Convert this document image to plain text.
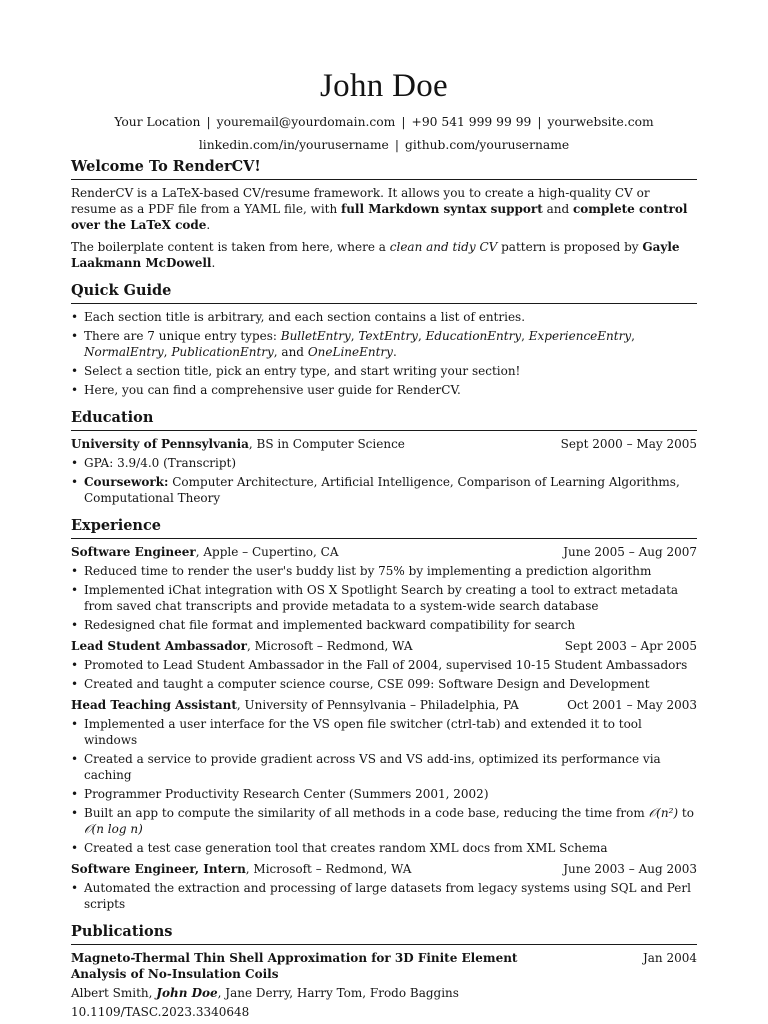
John Doe
Your Location | youremail@yourdomain.com | +90 541 999 99 99 | yourwebsite.com
linkedin.com/in/yourusername | github.com/yourusername
Welcome To RenderCV!

RenderCV is a LaTeX-based CV/resume framework. It allows you to create a high-quality CV or resume as a PDF file from a YAML file, with full Markdown syntax support and complete control over the LaTeX code.

The boilerplate content is taken from here, where a clean and tidy CV pattern is proposed by Gayle Laakmann McDowell.

Quick Guide
• Each section title is arbitrary, and each section contains a list of entries.
• There are 7 unique entry types: BulletEntry, TextEntry, EducationEntry, ExperienceEntry, NormalEntry, PublicationEntry, and OneLineEntry.
• Select a section title, pick an entry type, and start writing your section!
• Here, you can find a comprehensive user guide for RenderCV.
Education
University of Pennsylvania, BS in Computer Science	Sept 2000 – May 2005
• GPA: 3.9/4.0 (Transcript)
• Coursework: Computer Architecture, Artificial Intelligence, Comparison of Learning Algorithms, Computational Theory
Experience
Software Engineer, Apple – Cupertino, CA	June 2005 – Aug 2007
• Reduced time to render the user's buddy list by 75% by implementing a prediction algorithm
• Implemented iChat integration with OS X Spotlight Search by creating a tool to extract metadata from saved chat transcripts and provide metadata to a system-wide search database
• Redesigned chat file format and implemented backward compatibility for search
Lead Student Ambassador, Microsoft – Redmond, WA	Sept 2003 – Apr 2005
• Promoted to Lead Student Ambassador in the Fall of 2004, supervised 10-15 Student Ambassadors
• Created and taught a computer science course, CSE 099: Software Design and Development
Head Teaching Assistant, University of Pennsylvania – Philadelphia, PA	Oct 2001 – May 2003
• Implemented a user interface for the VS open file switcher (ctrl-tab) and extended it to tool windows
• Created a service to provide gradient across VS and VS add-ins, optimized its performance via caching
• Programmer Productivity Research Center (Summers 2001, 2002)
• Built an app to compute the similarity of all methods in a code base, reducing the time from 𝒪(n²) to 𝒪(n log n)
• Created a test case generation tool that creates random XML docs from XML Schema
Software Engineer, Intern, Microsoft – Redmond, WA	June 2003 – Aug 2003
• Automated the extraction and processing of large datasets from legacy systems using SQL and Perl scripts
Publications
Magneto-Thermal Thin Shell Approximation for 3D Finite Element Analysis of No-Insulation Coils
Jan 2004
Albert Smith, John Doe, Jane Derry, Harry Tom, Frodo Baggins
10.1109/TASC.2023.3340648
